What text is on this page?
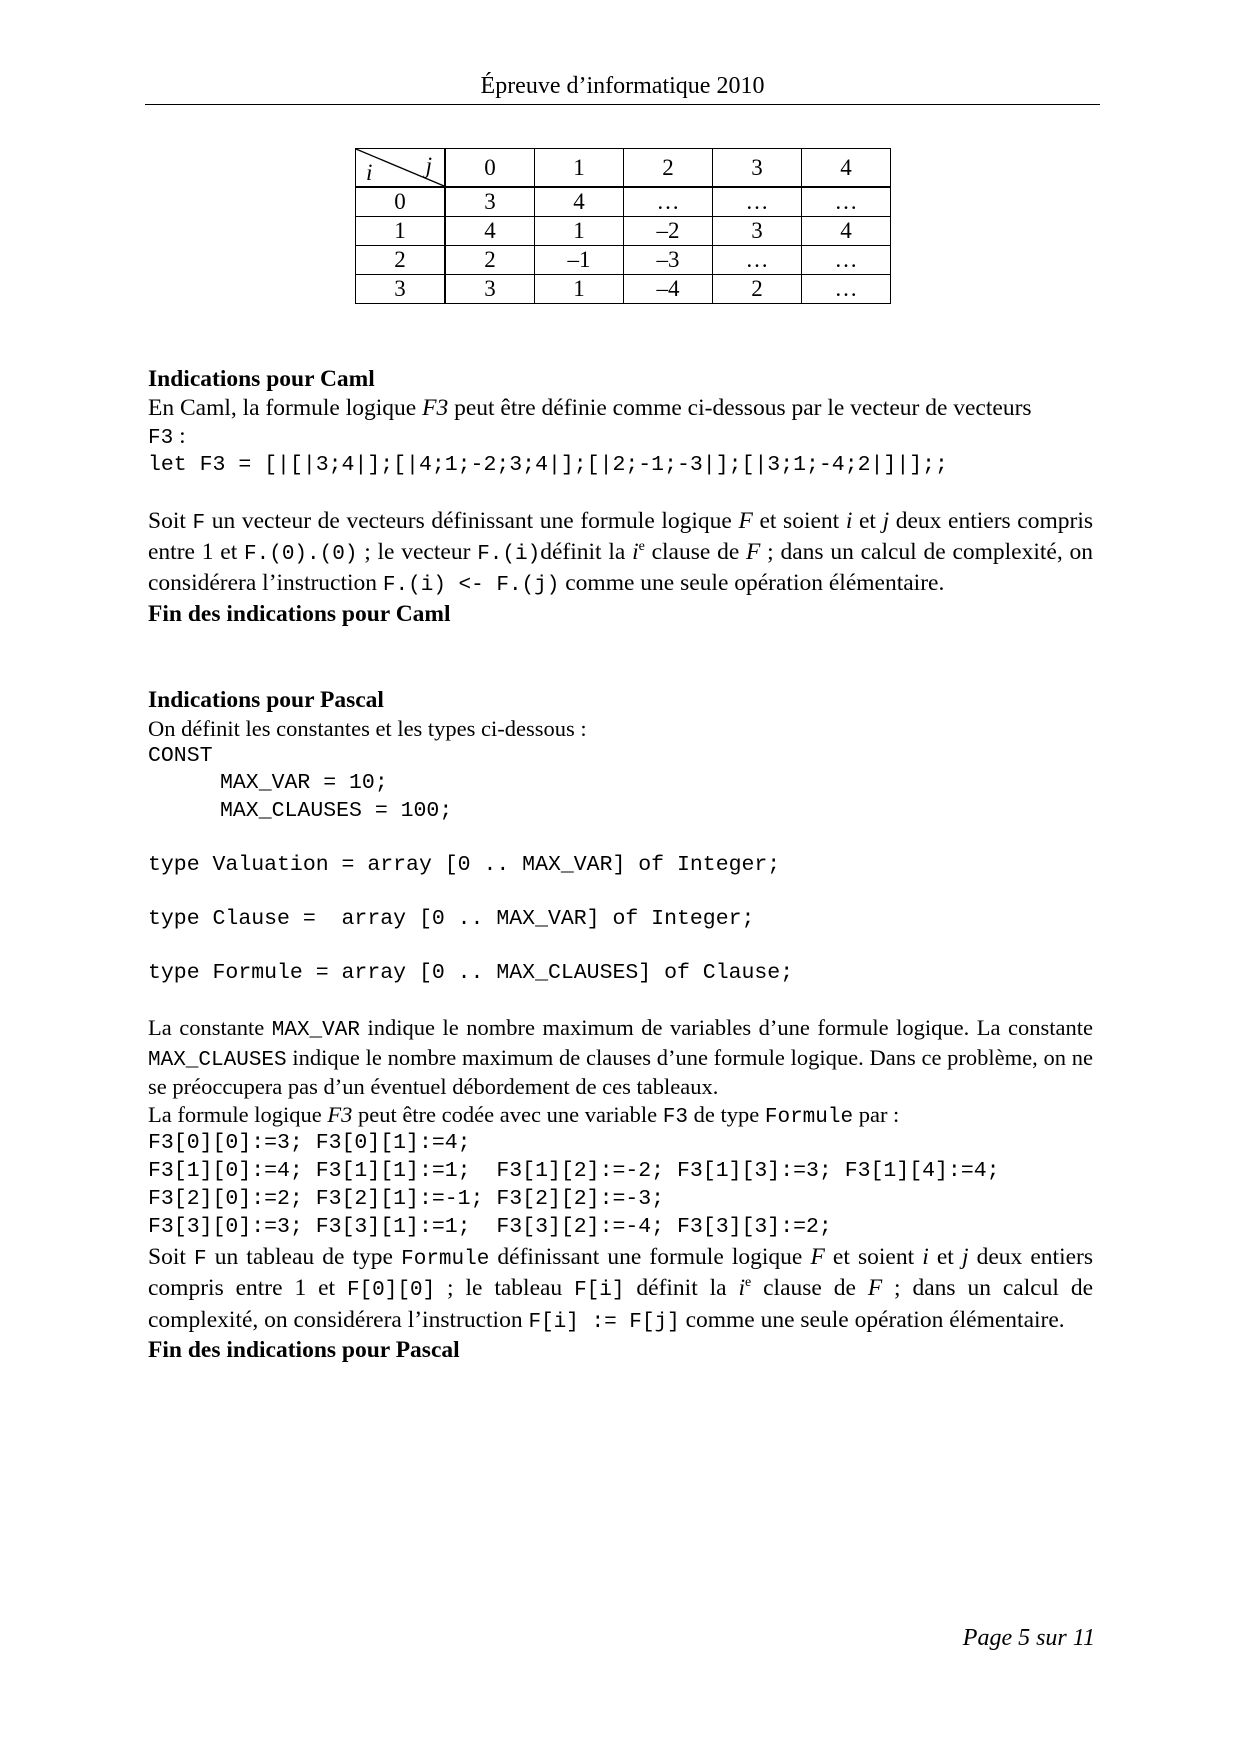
Épreuve d’informatique 2010
i j	0	1	2	3	4
0	3	4	…	…	…
1	4	1	–2	3	4
2	2	–1	–3	…	…
3	3	1	–4	2	…
Indications pour Caml
En Caml, la formule logique F3 peut être définie comme ci-dessous par le vecteur de vecteurs
F3 :
let F3 = [|[|3;4|];[|4;1;-2;3;4|];[|2;-1;-3|];[|3;1;-4;2|]|];;
Soit F un vecteur de vecteurs définissant une formule logique F et soient i et j deux entiers compris entre 1 et F.(0).(0) ; le vecteur F.(i)définit la $i^e$ clause de F ; dans un calcul de complexité, on considérera l’instruction F.(i) <- F.(j) comme une seule opération élémentaire.
Fin des indications pour Caml
Indications pour Pascal
On définit les constantes et les types ci-dessous :
CONST
MAX_VAR = 10;
MAX_CLAUSES = 100;
type Valuation = array [0 .. MAX_VAR] of Integer;
type Clause =  array [0 .. MAX_VAR] of Integer;
type Formule = array [0 .. MAX_CLAUSES] of Clause;
La constante MAX_VAR indique le nombre maximum de variables d’une formule logique. La constante MAX_CLAUSES indique le nombre maximum de clauses d’une formule logique. Dans ce problème, on ne se préoccupera pas d’un éventuel débordement de ces tableaux.
La formule logique F3 peut être codée avec une variable F3 de type Formule par :
F3[0][0]:=3; F3[0][1]:=4;
F3[1][0]:=4; F3[1][1]:=1;  F3[1][2]:=-2; F3[1][3]:=3; F3[1][4]:=4;
F3[2][0]:=2; F3[2][1]:=-1; F3[2][2]:=-3;
F3[3][0]:=3; F3[3][1]:=1;  F3[3][2]:=-4; F3[3][3]:=2;
Soit F un tableau de type Formule définissant une formule logique F et soient i et j deux entiers compris entre 1 et F[0][0] ; le tableau F[i] définit la $i^e$ clause de F ; dans un calcul de complexité, on considérera l’instruction F[i] := F[j] comme une seule opération élémentaire.
Fin des indications pour Pascal
Page 5 sur 11
